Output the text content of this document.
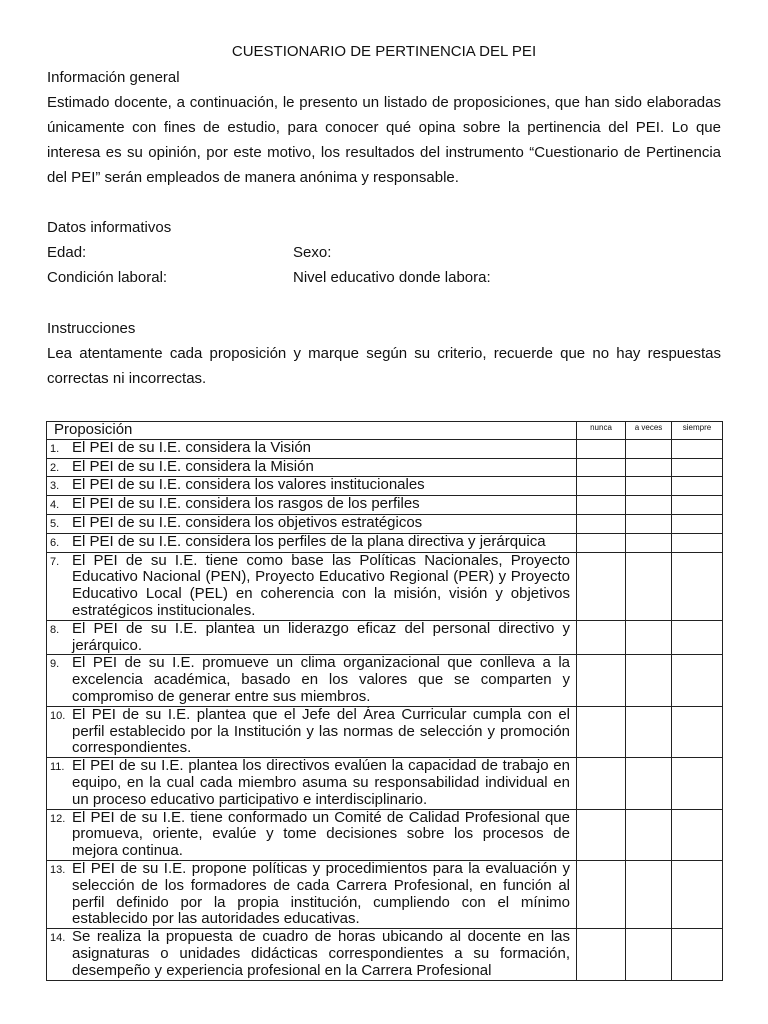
CUESTIONARIO DE PERTINENCIA DEL PEI
Información general
Estimado docente, a continuación, le presento un listado de proposiciones, que han sido elaboradas únicamente con fines de estudio, para conocer qué opina sobre la pertinencia del PEI. Lo que interesa es su opinión, por este motivo, los resultados del instrumento “Cuestionario de Pertinencia del PEI” serán empleados de manera anónima y responsable.
Datos informativos
Edad:	Sexo:
Condición laboral:	Nivel educativo donde labora:
Instrucciones
Lea atentamente cada proposición y marque según su criterio, recuerde que no hay respuestas correctas ni incorrectas.
Proposición	nunca	a veces	siempre

1. El PEI de su I.E. considera la Visión			

2. El PEI de su I.E. considera la Misión			

3. El PEI de su I.E. considera los valores institucionales			

4. El PEI de su I.E. considera los rasgos de los perfiles			

5. El PEI de su I.E. considera los objetivos estratégicos			

6. El PEI de su I.E. considera los perfiles de la plana directiva y jerárquica			

7. El PEI de su I.E. tiene como base las Políticas Nacionales, Proyecto Educativo Nacional (PEN), Proyecto Educativo Regional (PER) y Proyecto Educativo Local (PEL) en coherencia con la misión, visión y objetivos estratégicos institucionales.			

8. El PEI de su I.E. plantea un liderazgo eficaz del personal directivo y jerárquico.			

9. El PEI de su I.E. promueve un clima organizacional que conlleva a la excelencia académica, basado en los valores que se comparten y compromiso de generar entre sus miembros.			

10. El PEI de su I.E. plantea que el Jefe del Área Curricular cumpla con el perfil establecido por la Institución y las normas de selección y promoción correspondientes.			

11. El PEI de su I.E. plantea los directivos evalúen la capacidad de trabajo en equipo, en la cual cada miembro asuma su responsabilidad individual en un proceso educativo participativo e interdisciplinario.			

12. El PEI de su I.E. tiene conformado un Comité de Calidad Profesional que promueva, oriente, evalúe y tome decisiones sobre los procesos de mejora continua.			

13. El PEI de su I.E. propone políticas y procedimientos para la evaluación y selección de los formadores de cada Carrera Profesional, en función al perfil definido por la propia institución, cumpliendo con el mínimo establecido por las autoridades educativas.			

14. Se realiza la propuesta de cuadro de horas ubicando al docente en las asignaturas o unidades didácticas correspondientes a su formación, desempeño y experiencia profesional en la Carrera Profesional			
